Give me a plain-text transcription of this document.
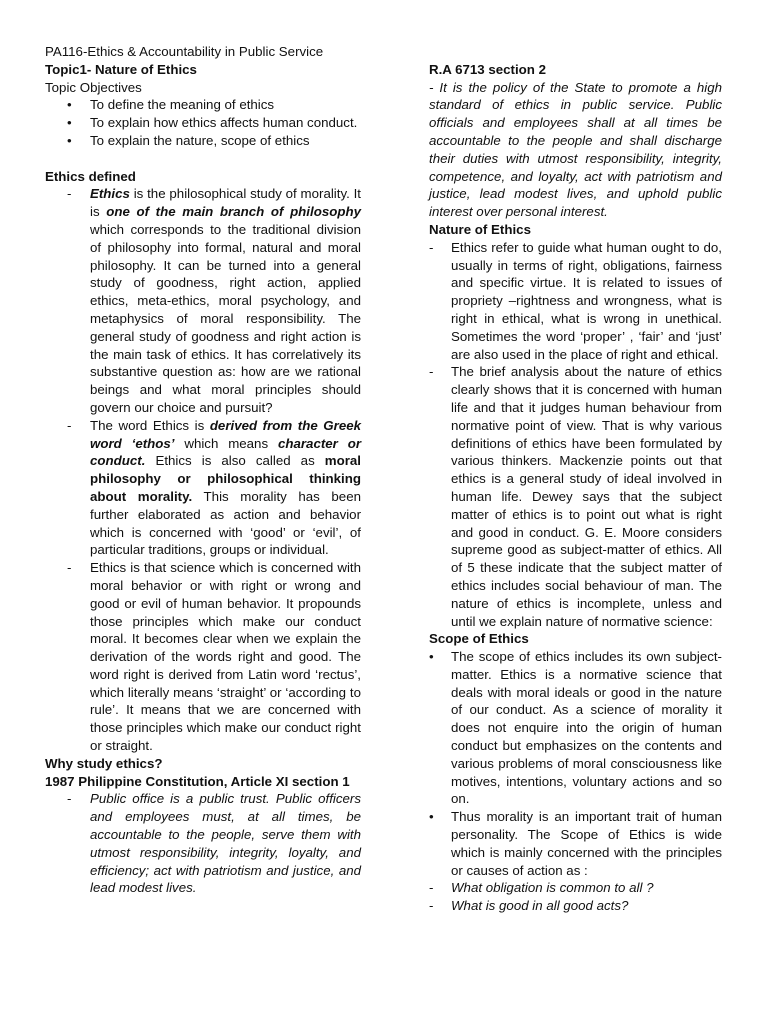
PA116-Ethics & Accountability in Public Service

Topic1- Nature of Ethics

Topic Objectives

• To define the meaning of ethics

• To explain how ethics affects human conduct.

• To explain the nature, scope of ethics

Ethics defined

- Ethics is the philosophical study of morality. It is one of the main branch of philosophy which corresponds to the traditional division of philosophy into formal, natural and moral philosophy. It can be turned into a general study of goodness, right action, applied ethics, meta-ethics, moral psychology, and metaphysics of moral responsibility. The general study of goodness and right action is the main task of ethics. It has correlatively its substantive question as: how are we rational beings and what moral principles should govern our choice and pursuit?

- The word Ethics is derived from the Greek word ‘ethos’ which means character or conduct. Ethics is also called as moral philosophy or philosophical thinking about morality. This morality has been further elaborated as action and behavior which is concerned with ‘good’ or ‘evil’, of particular traditions, groups or individual.

- Ethics is that science which is concerned with moral behavior or with right or wrong and good or evil of human behavior. It propounds those principles which make our conduct moral. It becomes clear when we explain the derivation of the words right and good. The word right is derived from Latin word ‘rectus’, which literally means ‘straight’ or ‘according to rule’. It means that we are concerned with those principles which make our conduct right or straight.

Why study ethics?

1987 Philippine Constitution, Article XI section 1

- Public office is a public trust. Public officers and employees must, at all times, be accountable to the people, serve them with utmost responsibility, integrity, loyalty, and efficiency; act with patriotism and justice, and lead modest lives.

R.A 6713 section 2

- It is the policy of the State to promote a high standard of ethics in public service. Public officials and employees shall at all times be accountable to the people and shall discharge their duties with utmost responsibility, integrity, competence, and loyalty, act with patriotism and justice, lead modest lives, and uphold public interest over personal interest.

Nature of Ethics

- Ethics refer to guide what human ought to do, usually in terms of right, obligations, fairness and specific virtue. It is related to issues of propriety –rightness and wrongness, what is right in ethical, what is wrong in unethical. Sometimes the word ‘proper’ , ‘fair’ and ‘just’ are also used in the place of right and ethical.

- The brief analysis about the nature of ethics clearly shows that it is concerned with human life and that it judges human behaviour from normative point of view. That is why various definitions of ethics have been formulated by various thinkers. Mackenzie points out that ethics is a general study of ideal involved in human life. Dewey says that the subject matter of ethics is to point out what is right and good in conduct. G. E. Moore considers supreme good as subject-matter of ethics. All of 5 these indicate that the subject matter of ethics includes social behaviour of man. The nature of ethics is incomplete, unless and until we explain nature of normative science:

Scope of Ethics

• The scope of ethics includes its own subject-matter. Ethics is a normative science that deals with moral ideals or good in the nature of our conduct. As a science of morality it does not enquire into the origin of human conduct but emphasizes on the contents and various problems of moral consciousness like motives, intentions, voluntary actions and so on.

• Thus morality is an important trait of human personality. The Scope of Ethics is wide which is mainly concerned with the principles or causes of action as :

- What obligation is common to all ?

- What is good in all good acts?
